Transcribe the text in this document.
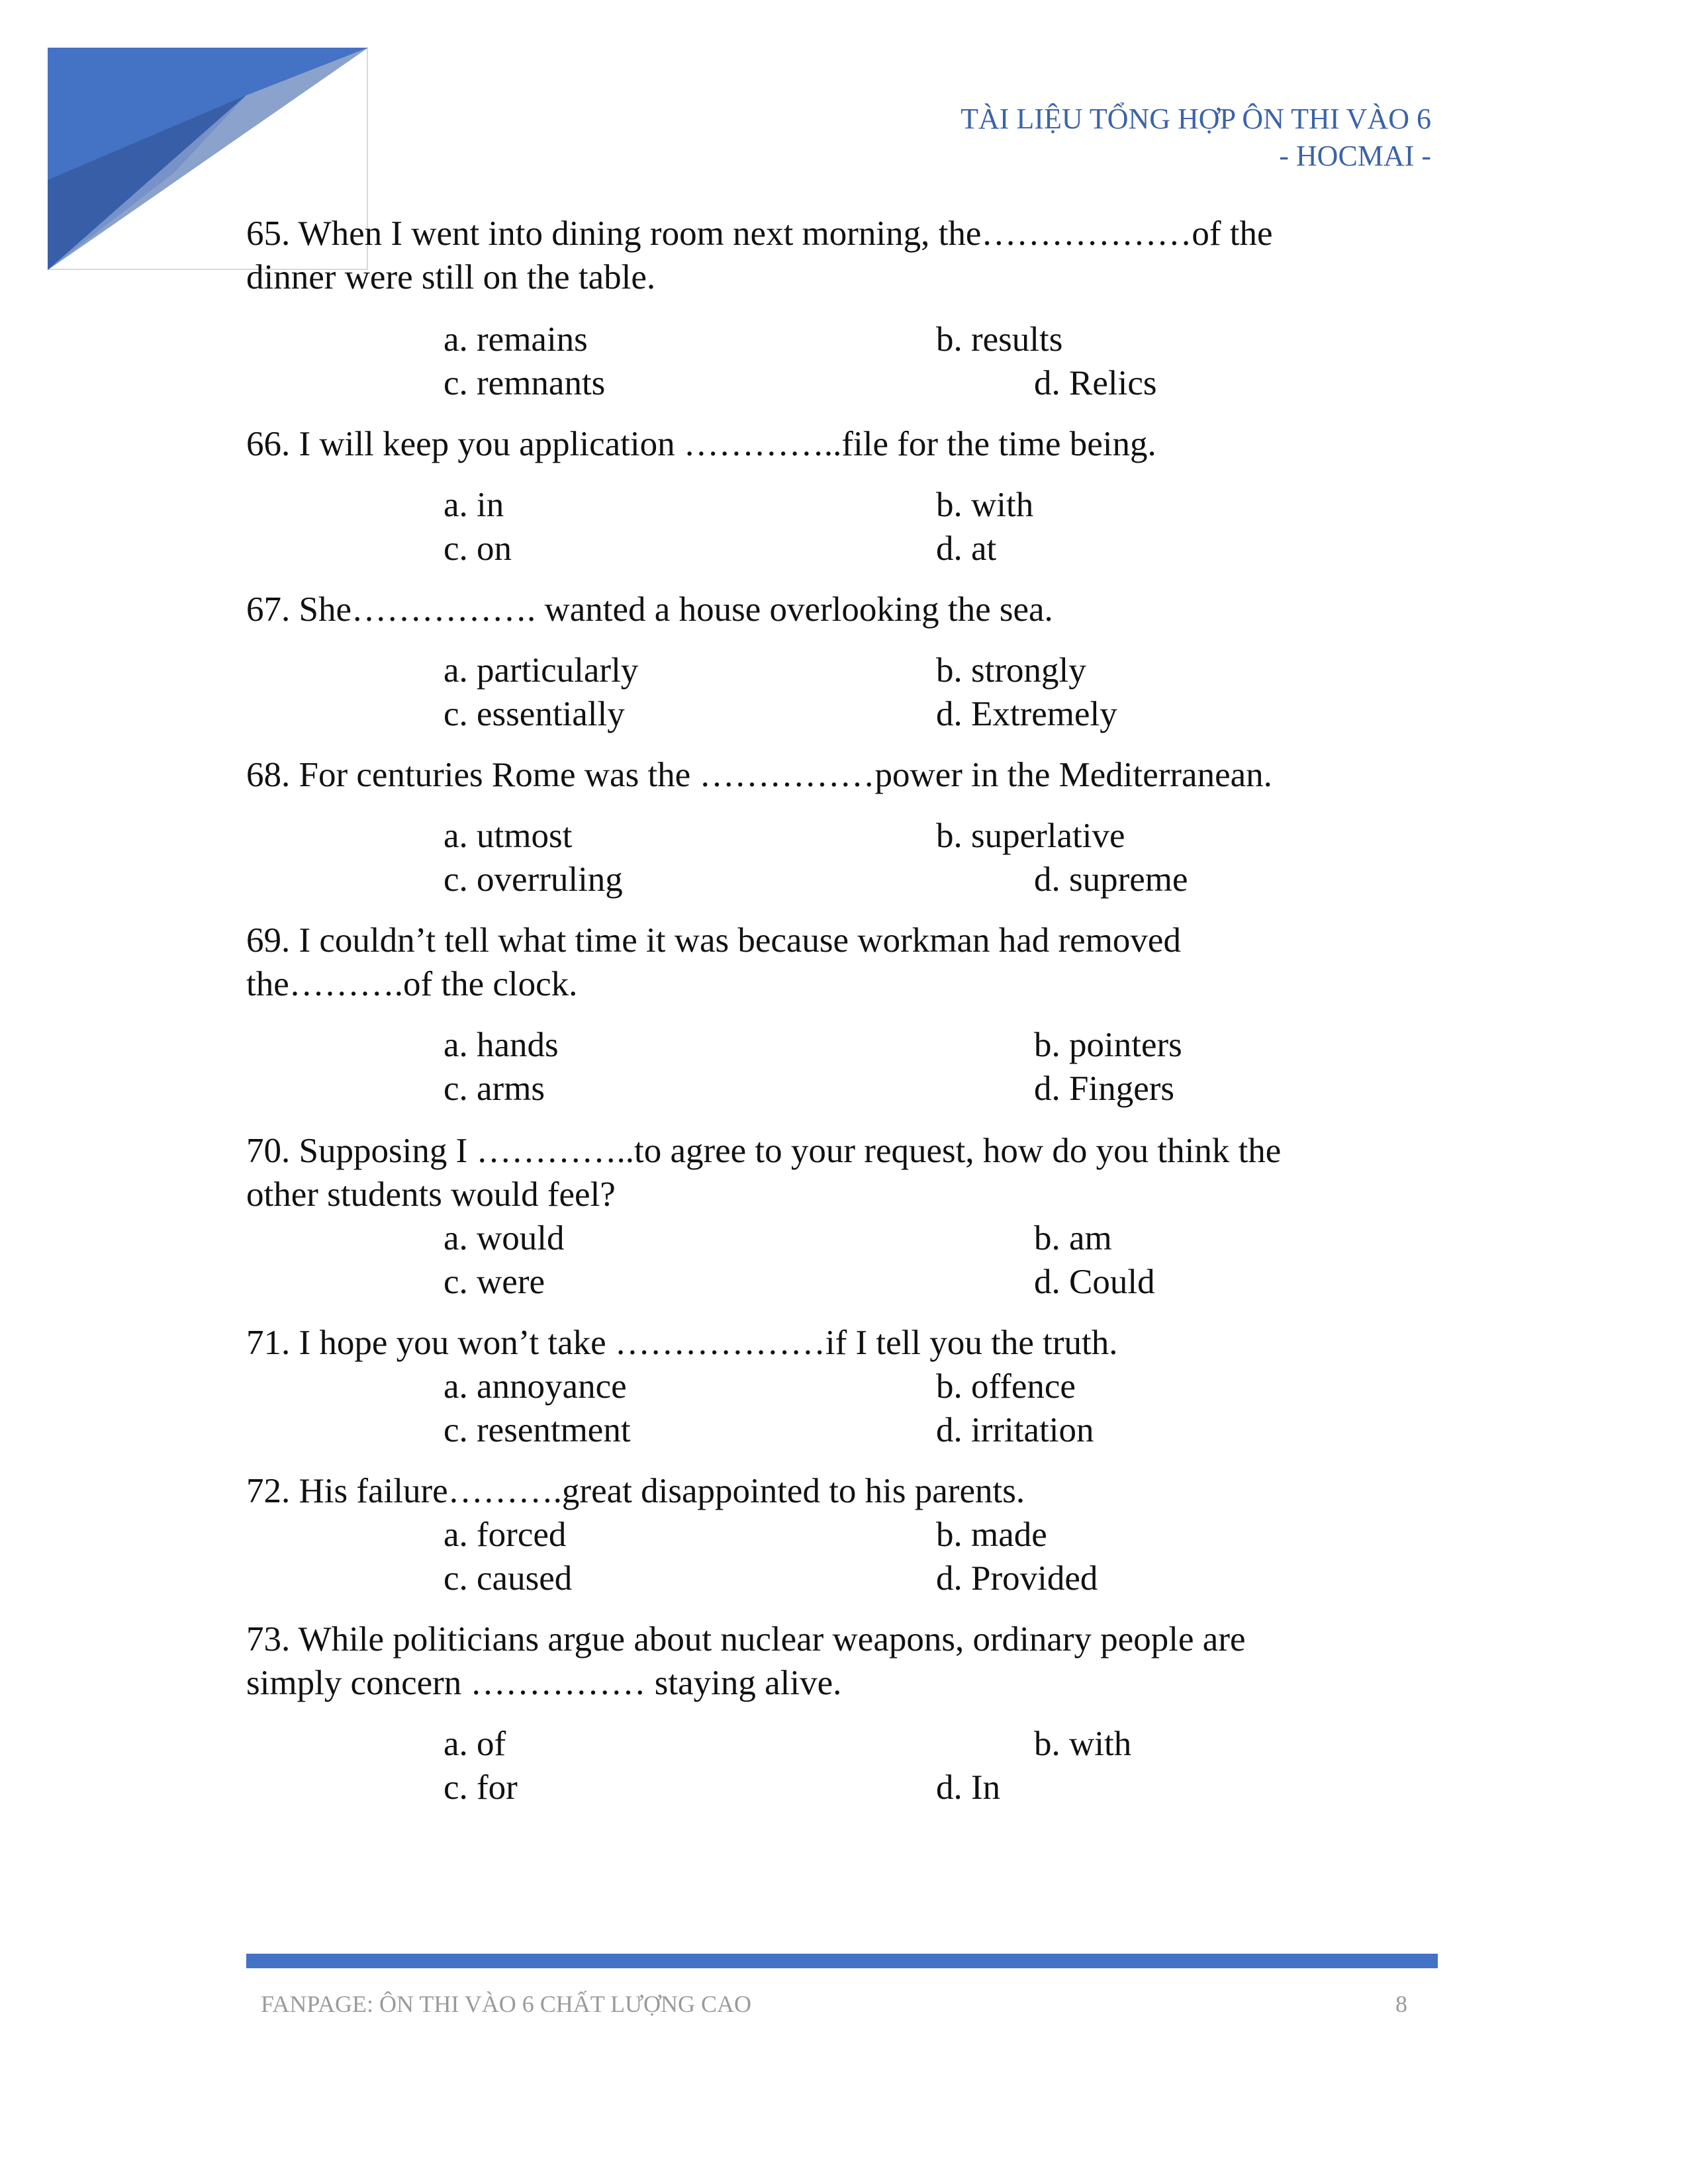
TÀI LIỆU TỔNG HỢP ÔN THI VÀO 6
- HOCMAI -
65. When I went into dining room next morning, the………………of the
dinner were still on the table.
a. remains	b. results
c. remnants	d. Relics
66. I will keep you application …………..file for the time being.
a. in	b. with
c. on	d. at
67. She……………. wanted a house overlooking the sea.
a. particularly	b. strongly
c. essentially	d. Extremely
68. For centuries Rome was the ……………power in the Mediterranean.
a. utmost	b. superlative
c. overruling	d. supreme
69. I couldn’t tell what time it was because workman had removed
the……….of the clock.
a. hands	b. pointers
c. arms	d. Fingers
70. Supposing I …………..to agree to your request, how do you think the
other students would feel?
a. would	b. am
c. were	d. Could
71. I hope you won’t take ………………if I tell you the truth.
a. annoyance	b. offence
c. resentment	d. irritation
72. His failure……….great disappointed to his parents.
a. forced	b. made
c. caused	d. Provided
73. While politicians argue about nuclear weapons, ordinary people are
simply concern …………… staying alive.
a. of	b. with
c. for	d. In
FANPAGE: ÔN THI VÀO 6 CHẤT LƯỢNG CAO	8
